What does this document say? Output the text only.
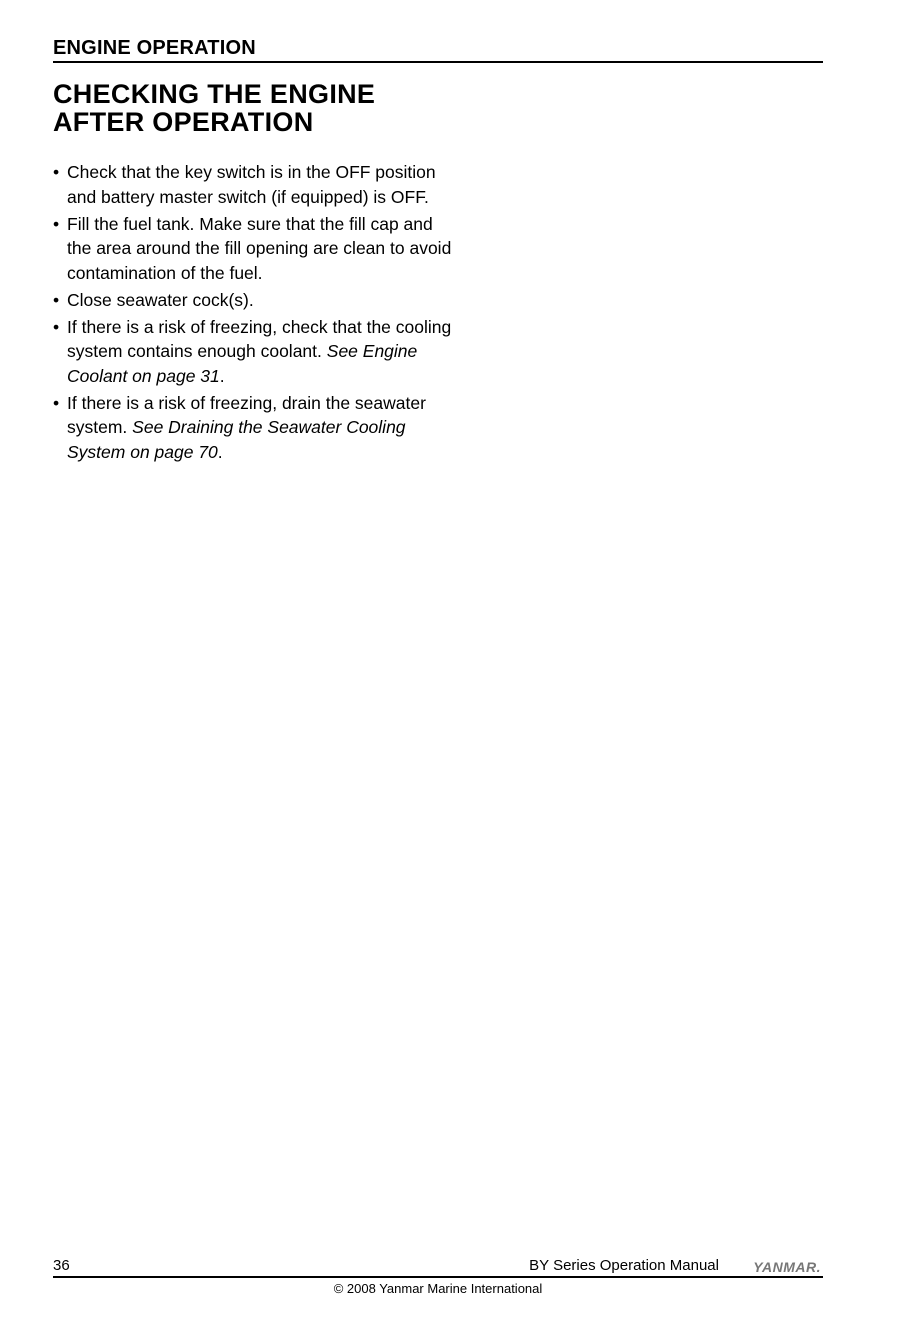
ENGINE OPERATION
CHECKING THE ENGINE
AFTER OPERATION
• Check that the key switch is in the OFF position and battery master switch (if equipped) is OFF.
• Fill the fuel tank. Make sure that the fill cap and the area around the fill opening are clean to avoid contamination of the fuel.
• Close seawater cock(s).
• If there is a risk of freezing, check that the cooling system contains enough coolant. See Engine Coolant on page 31.
• If there is a risk of freezing, drain the seawater system. See Draining the Seawater Cooling System on page 70.
36	BY Series Operation Manual YANMAR.
© 2008 Yanmar Marine International
